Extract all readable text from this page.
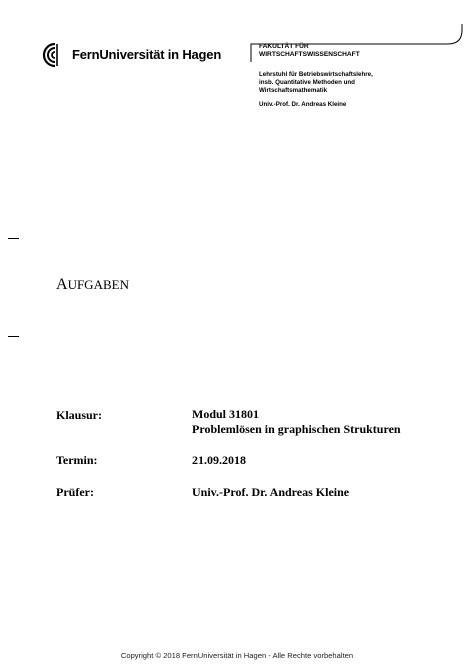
FernUniversität in Hagen
FAKULTÄT FÜR
WIRTSCHAFTSWISSENSCHAFT
Lehrstuhl für Betriebswirtschaftslehre,
insb. Quantitative Methoden und
Wirtschaftsmathematik
Univ.-Prof. Dr. Andreas Kleine
AUFGABEN
Klausur:	Modul 31801
Problemlösen in graphischen Strukturen
Termin:	21.09.2018
Prüfer:	Univ.-Prof. Dr. Andreas Kleine
Copyright © 2018 FernUniversität in Hagen - Alle Rechte vorbehalten
